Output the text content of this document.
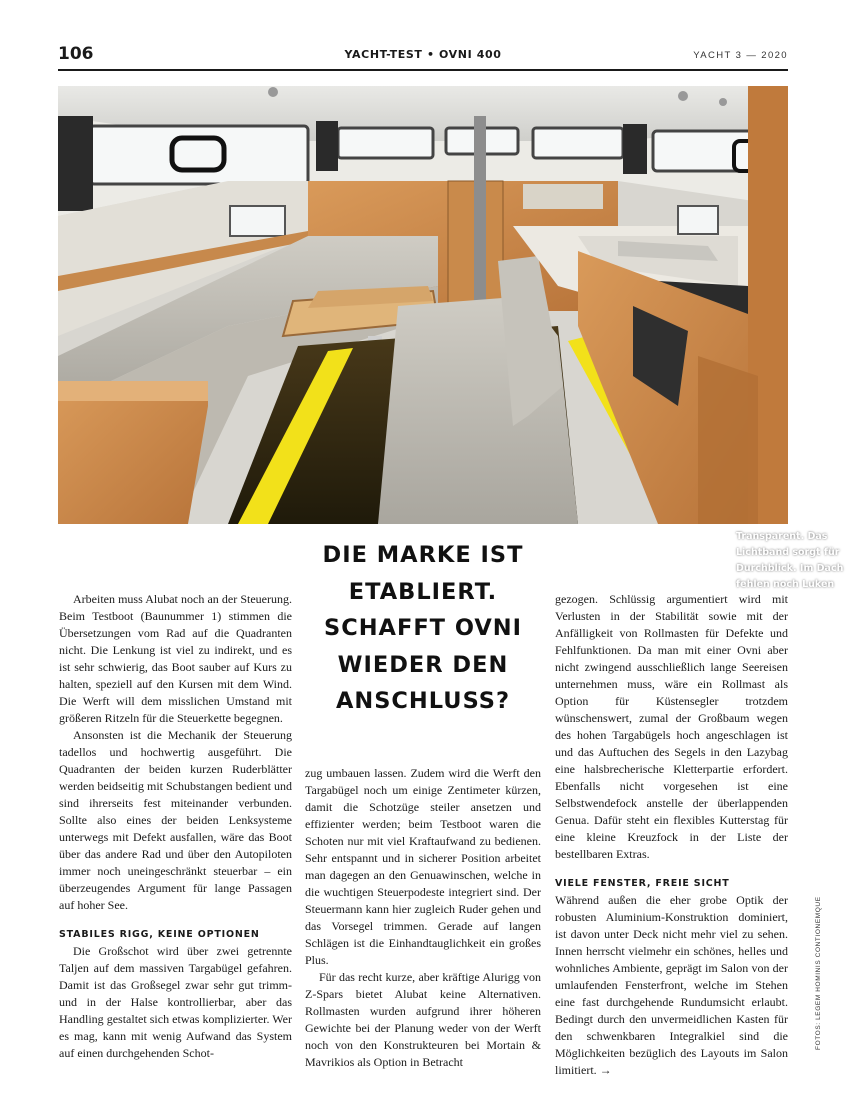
106	YACHT-TEST • OVNI 400	YACHT 3 — 2020
Transparent. Das Lichtband sorgt für Durchblick. Im Dach fehlen noch Luken
DIE MARKE IST ETABLIERT. SCHAFFT OVNI WIEDER DEN ANSCHLUSS?

Arbeiten muss Alubat noch an der Steuerung. Beim Testboot (Baunummer 1) stimmen die Übersetzungen vom Rad auf die Quadranten nicht. Die Lenkung ist viel zu indirekt, und es ist sehr schwierig, das Boot sauber auf Kurs zu halten, speziell auf den Kursen mit dem Wind. Die Werft will dem misslichen Umstand mit größeren Ritzeln für die Steuerkette begegnen.

Ansonsten ist die Mechanik der Steuerung tadellos und hochwertig ausgeführt. Die Quadranten der beiden kurzen Ruderblätter werden beidseitig mit Schubstangen bedient und sind ihrerseits fest miteinander verbunden. Sollte also eines der beiden Lenksysteme unterwegs mit Defekt ausfallen, wäre das Boot über das andere Rad und über den Autopiloten immer noch uneingeschränkt steuerbar – ein überzeugendes Argument für lange Passagen auf hoher See.

STABILES RIGG, KEINE OPTIONEN

Die Großschot wird über zwei getrennte Taljen auf dem massiven Targabügel gefahren. Damit ist das Großsegel zwar sehr gut trimm- und in der Halse kontrollierbar, aber das Handling gestaltet sich etwas komplizierter. Wer es mag, kann mit wenig Aufwand das System auf einen durchgehenden Schot-

zug umbauen lassen. Zudem wird die Werft den Targabügel noch um einige Zentimeter kürzen, damit die Schotzüge steiler ansetzen und effizienter werden; beim Testboot waren die Schoten nur mit viel Kraftaufwand zu bedienen. Sehr entspannt und in sicherer Position arbeitet man dagegen an den Genuawinschen, welche in die wuchtigen Steuerpodeste integriert sind. Der Steuermann kann hier zugleich Ruder gehen und das Vorsegel trimmen. Gerade auf langen Schlägen ist die Einhandtauglichkeit ein großes Plus.

Für das recht kurze, aber kräftige Alurigg von Z-Spars bietet Alubat keine Alternativen. Rollmasten wurden aufgrund ihrer höheren Gewichte bei der Planung weder von der Werft noch von den Konstrukteuren bei Mortain & Mavrikios als Option in Betracht

gezogen. Schlüssig argumentiert wird mit Verlusten in der Stabilität sowie mit der Anfälligkeit von Rollmasten für Defekte und Fehlfunktionen. Da man mit einer Ovni aber nicht zwingend ausschließlich lange Seereisen unternehmen muss, wäre ein Rollmast als Option für Küstensegler trotzdem wünschenswert, zumal der Großbaum wegen des hohen Targabügels hoch angeschlagen ist und das Auftuchen des Segels in den Lazybag eine halsbrecherische Kletterpartie erfordert. Ebenfalls nicht vorgesehen ist eine Selbstwendefock anstelle der überlappenden Genua. Dafür steht ein flexibles Kutterstag für eine kleine Kreuzfock in der Liste der bestellbaren Extras.

VIELE FENSTER, FREIE SICHT

Während außen die eher grobe Optik der robusten Aluminium-Konstruktion dominiert, ist davon unter Deck nicht mehr viel zu sehen. Innen herrscht vielmehr ein schönes, helles und wohnliches Ambiente, geprägt im Salon von der umlaufenden Fensterfront, welche im Stehen eine fast durchgehende Rundumsicht erlaubt. Bedingt durch den unvermeidlichen Kasten für den schwenkbaren Integralkiel sind die Möglichkeiten bezüglich des Layouts im Salon limitiert. →

FOTOS: LEGEM HOMINIS CONTIONEMQUE
